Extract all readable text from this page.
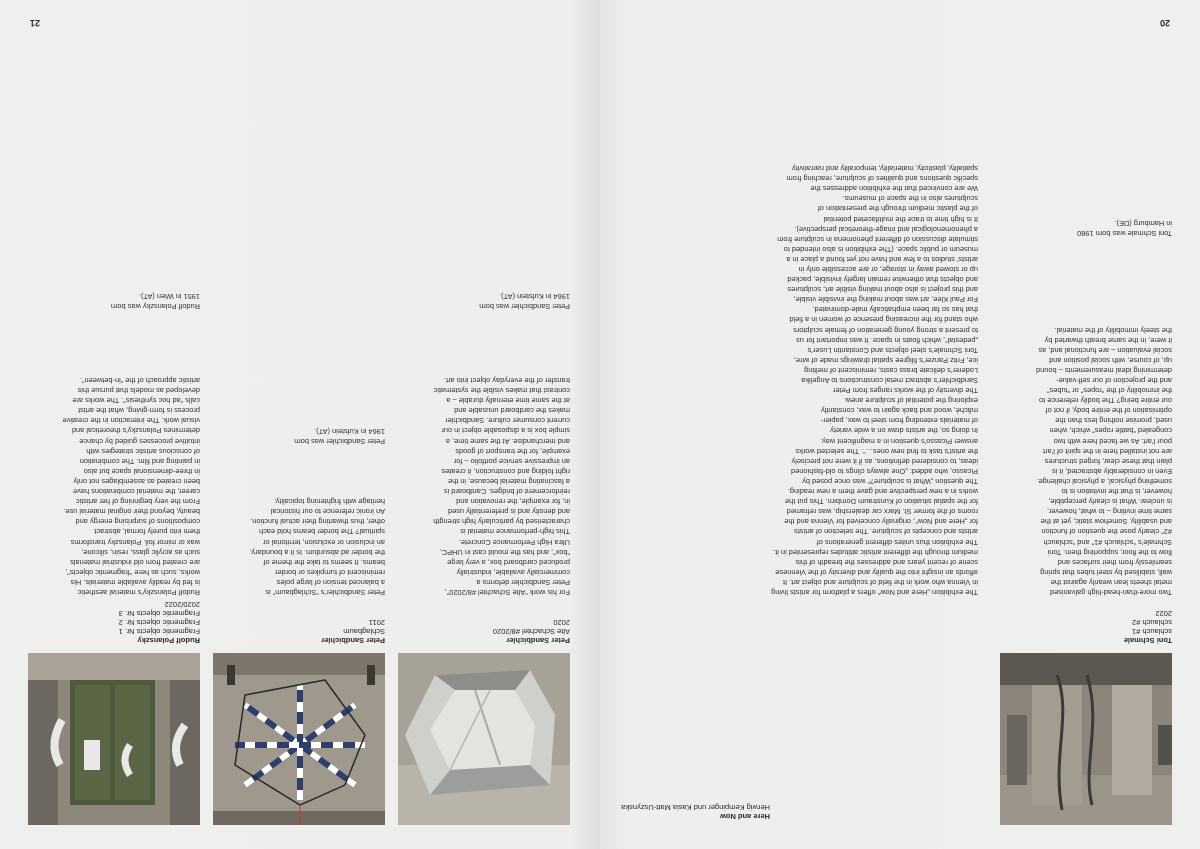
20
Here and Now
Herwig Kempinger und Kasia Matt-Uszynska
Toni Schmale
schlauch #1
schlauch #2
2022
Two more-than-head-high galvanised
metal sheets lean wearily against the
wall, stabilised by steel tubes that spring
seamlessly from their surfaces and
flow to the floor, supporting them. Toni
Schmale’s “schlauch #1” and “schlauch
#2” clearly pose the question of function
and usability. Somehow static, yet at the
same time inviting – to what, however,
is unclear. What is clearly perceptible,
however, is that the invitation is to
something physical, a physical challenge.
Even in considerably abstracted, it is
plain that these clear, forged structures
are not installed here in the spirit of l’art
pour l’art. As we faced here with two
congealed “battle ropes” which, when
used, promise nothing less than the
optimisation of the entire body, if not of
our entire being? The bodily reference to
the immobility of the “ropes” or “tubes”
and the projection of our self-value-
determining ideal measurements – bound
up, of course, with social position and
social evaluation – are functional and, as
it were, in the same breath thwarted by
the steely immobility of the material.
Toni Schmale was born 1980
in Hamburg (DE).
The exhibition „Here and Now“ offers a platform for artists living
in Vienna who work in the field of sculpture and object art. It
affords an insight into the quality and diversity of the Viennese
scene of recent years and addresses the breadth of this
medium through the different artistic attitudes represented in it.
The exhibition thus unites different generations of
artists and concepts of sculpture. The selection of artists
for „Here and Now“, originally conceived for Vienna and the
rooms of the former St. Marx car dealership, was reframed
for the spatial situation of Kunstraum Dornbirn. This put the
works in a new perspective and gave them a new reading.
The question „What is sculpture?“ was once posed by
Picasso, who added: „One always clings to old-fashioned
ideas, to considered definitions, as if it were not precisely
the artist’s task to find new ones…“. The selected works
answer Picasso’s question in a magnificent way.
In doing so, the artists draw on a wide variety
of materials extending from steel to wax, papier-
mâché, wood and back again to wax, constantly
exploring the potential of sculpture anew.
The diversity of the works ranges from Peter
Sandbichler’s abstract metal constructions to Angelika
Loderer’s delicate brass casts, reminiscent of melting
ice, Fritz Panzer’s filigree spatial drawings made of wire,
Toni Schmale’s steel objects and Constantin Luser’s
„pedestal“, which floats in space. It was important for us
to present a strong young generation of female sculptors
who stand for the increasing presence of women in a field
that has so far been emphatically male-dominated.
For Paul Klee, art was about making the invisible visible,
and this project is also about making visible art, sculptures
and objects that otherwise remain largely invisible, packed
up or stowed away in storage, or are accessible only in
artists’ studios to a few and have not yet found a place in a
museum or public space. (The exhibition is also intended to
stimulate discussion of different phenomena in sculpture from
a phenomenological and image-theoretical perspective).
It is high time to trace the multifaceted potential
of the plastic medium through the presentation of
sculptures also in the space of museums.
We are convinced that the exhibition addresses the
specific questions and qualities of sculpture, reaching from
spatiality, plasticity, materiality, temporality and narrativity
21
Peter Sandbichler
Alte Schachtel #8/2020
2020
Peter Sandbichler
Schlagbaum
2011
Rudolf Polanszky
Fragmentic objects Nr. 1
Fragmentic objects Nr. 2
Fragmentic objects Nr. 3
2020/2022
For his work “Alte Schachtel #8/2020”,
Peter Sandbichler deforms a
commercially available, industrially
produced cardboard box, a very large
“box”, and has the mould cast in UHPC,
Ultra High Performance Concrete.
This high-performance material is
characterised by particularly high strength
and density and is preferentially used
in, for example, the renovation and
reinforcement of bridges. Cardboard is
a fascinating material because, in the
right folding and construction, it creates
an impressive service portfolio – for
example, for the transport of goods
and merchandise. At the same time, a
simple box is a disposable object in our
current consumer culture. Sandbichler
makes the cardboard unusable and
at the same time eternally durable – a
contrast that makes visible the systematic
transfer of the everyday object into art.
Peter Sandbichler was born
1964 in Kufstein (AT).
Peter Sandbichler’s “Schlagbaum” is
a balanced tension of large poles
reminiscent of turnpikes or border
beams. It seems to take the theme of
the border ad absurdum. Is it a boundary,
an inclusion or exclusion, territorial or
spiritual? The border beams hold each
other, thus thwarting their actual function.
An ironic reference to our historical
heritage with frightening topicality.
Peter Sandbichler was born
1964 in Kufstein (AT).
Rudolf Polanszky’s material aesthetic
is fed by readily available materials. His
works, such as here “fragmentic objects”,
are created from old industrial materials
such as acrylic glass, resin, silicone,
wax or mirror foil. Polanszky transforms
them into purely formal, abstract
compositions of surprising energy and
beauty, beyond their original material use.
From the very beginning of her artistic
career, the material combinations have
been created as assemblages not only
in three-dimensional space but also
in painting and film. The combination
of conscious artistic strategies with
intuitive processes guided by chance
determines Polanszky’s theoretical and
visual work. The interaction in the creative
process is form-giving, what the artist
calls “ad hoc synthesis”. The works are
developed as models that pursue this
artistic approach of the “in-between”.
Rudolf Polanszky was born
1951 in Wien (AT).
